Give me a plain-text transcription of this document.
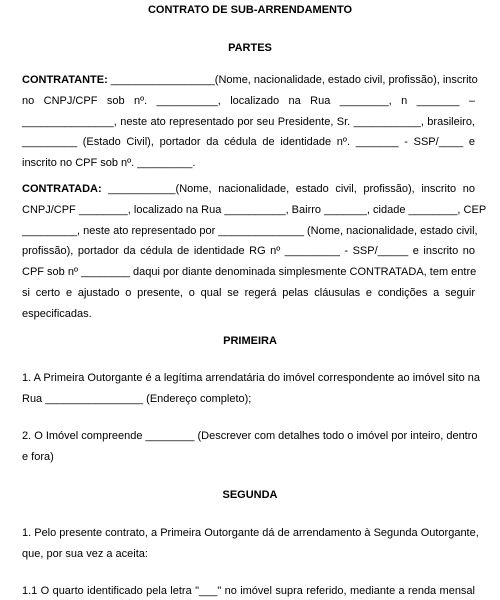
CONTRATO DE SUB-ARRENDAMENTO
PARTES
CONTRATANTE: _________________(Nome, nacionalidade, estado civil, profissão), inscrito
no CNPJ/CPF sob nº. __________, localizado na Rua ________, n _______ –
_______________, neste ato representado por seu Presidente, Sr. ___________, brasileiro,
_________ (Estado Civil), portador da cédula de identidade nº. _______ - SSP/____ e
inscrito no CPF sob nº. _________.
CONTRATADA: ___________(Nome, nacionalidade, estado civil, profissão), inscrito no
CNPJ/CPF ________, localizado na Rua __________, Bairro _______, cidade ________, CEP
_________, neste ato representado por ______________ (Nome, nacionalidade, estado civil,
profissão), portador da cédula de identidade RG nº _________ - SSP/_____ e inscrito no
CPF sob nº ________ daqui por diante denominada simplesmente CONTRATADA, tem entre
si certo e ajustado o presente, o qual se regerá pelas cláusulas e condições a seguir
especificadas.
PRIMEIRA
1. A Primeira Outorgante é a legítima arrendatária do imóvel correspondente ao imóvel sito na
Rua ________________ (Endereço completo);
2. O Imóvel compreende ________ (Descrever com detalhes todo o imóvel por inteiro, dentro
e fora)
SEGUNDA
1. Pelo presente contrato, a Primeira Outorgante dá de arrendamento à Segunda Outorgante,
que, por sua vez a aceita:
1.1 O quarto identificado pela letra "___" no imóvel supra referido, mediante a renda mensal
